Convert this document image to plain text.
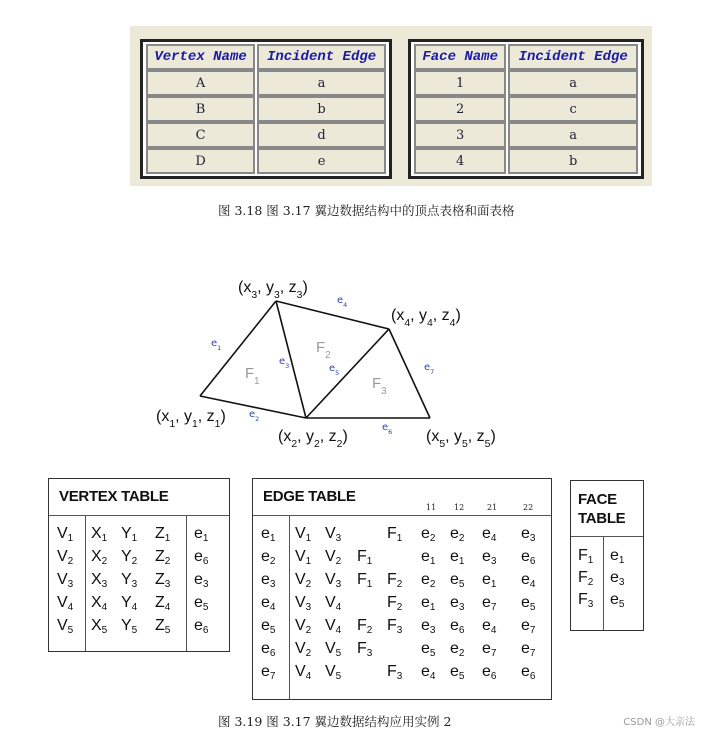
Vertex Name	Incident Edge
A	a
B	b
C	d
D	e
Face Name	Incident Edge
1	a
2	c
3	a
4	b
图 3.18 图 3.17 翼边数据结构中的顶点表格和面表格
($x_1$, $y_1$, $z_1$)
($x_2$, $y_2$, $z_2$)
($x_3$, $y_3$, $z_3$)
($x_4$, $y_4$, $z_4$)
($x_5$, $y_5$, $z_5$)
$F_1$
$F_2$
$F_3$
$e_1$
$e_2$
$e_3$
$e_4$
$e_5$
$e_6$
$e_7$
VERTEX TABLE
$V_1$ $X_1$ $Y_1$ $Z_1$ $e_1$
$V_2$ $X_2$ $Y_2$ $Z_2$ $e_6$
$V_3$ $X_3$ $Y_3$ $Z_3$ $e_3$
$V_4$ $X_4$ $Y_4$ $Z_4$ $e_5$
$V_5$ $X_5$ $Y_5$ $Z_5$ $e_6$
EDGE TABLE
11 12	21	22
$e_1$ $V_1$ $V_3$	$F_1$ $e_2$ $e_2$ $e_4$ $e_3$
$e_2$ $V_1$ $V_2$ $F_1$	$e_1$ $e_1$ $e_3$ $e_6$
$e_3$ $V_2$ $V_3$ $F_1$ $F_2$ $e_2$ $e_5$ $e_1$ $e_4$
$e_4$ $V_3$ $V_4$	$F_2$ $e_1$ $e_3$ $e_7$ $e_5$
$e_5$ $V_2$ $V_4$ $F_2$ $F_3$ $e_3$ $e_6$ $e_4$ $e_7$
$e_6$ $V_2$ $V_5$ $F_3$	$e_5$ $e_2$ $e_7$ $e_7$
$e_7$ $V_4$ $V_5$	$F_3$ $e_4$ $e_5$ $e_6$ $e_6$
FACE
TABLE
$F_1$ $e_1$
$F_2$ $e_3$
$F_3$ $e_5$
图 3.19 图 3.17 翼边数据结构应用实例 2	CSDN @大亲法
